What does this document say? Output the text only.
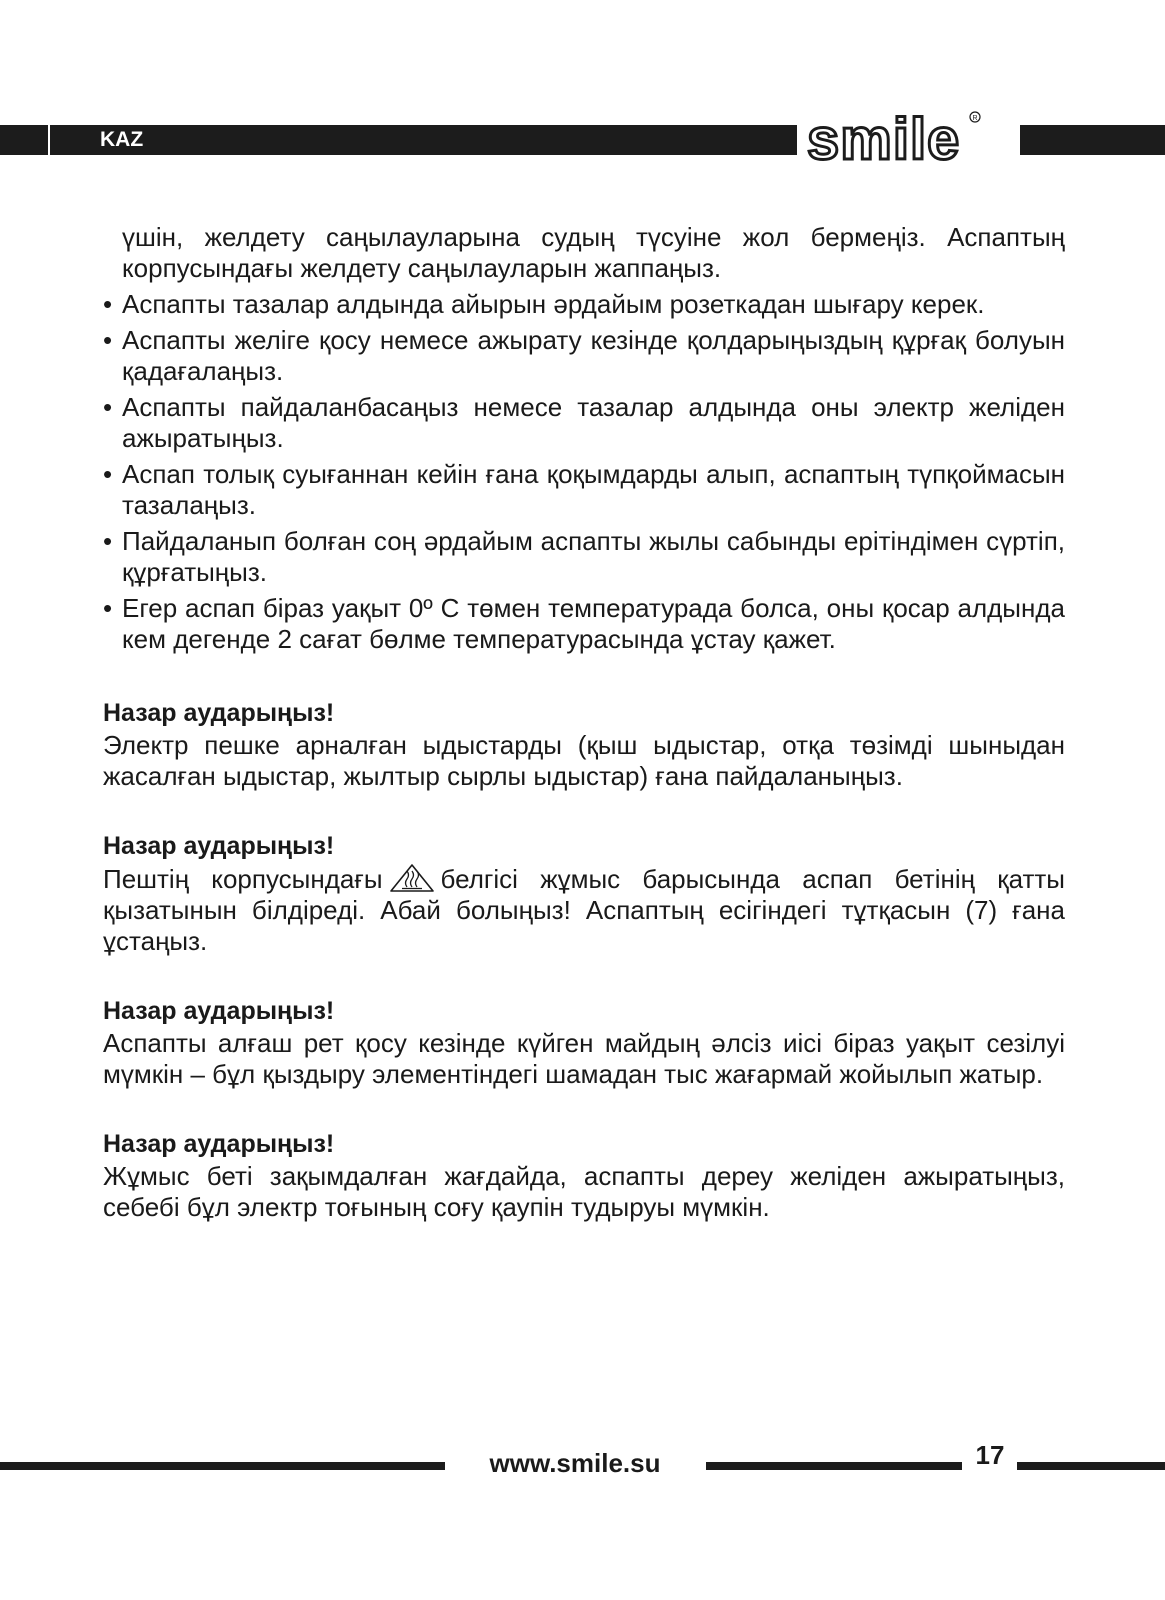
KAZ	smile R

үшін, желдету саңылауларына судың түсуіне жол бермеңіз. Аспаптың корпусындағы желдету саңылауларын жаппаңыз.

• Аспапты тазалар алдында айырын әрдайым розеткадан шығару керек.
• Аспапты желіге қосу немесе ажырату кезінде қолдарыңыздың құрғақ болуын қадағалаңыз.
• Аспапты пайдаланбасаңыз немесе тазалар алдында оны электр желіден ажыратыңыз.
• Аспап толық суығаннан кейін ғана қоқымдарды алып, аспаптың түпқоймасын тазалаңыз.
• Пайдаланып болған соң әрдайым аспапты жылы сабынды ерітіндімен сүртіп, құрғатыңыз.
• Егер аспап біраз уақыт 0º С төмен температурада болса, оны қосар алдында кем дегенде 2 сағат бөлме температурасында ұстау қажет.
Назар аударыңыз!
Электр пешке арналған ыдыстарды (қыш ыдыстар, отқа төзімді шыныдан жасалған ыдыстар, жылтыр сырлы ыдыстар) ғана пайдаланыңыз.
Назар аударыңыз!
Пештің корпусындағы белгісі жұмыс барысында аспап бетінің қатты қызатынын білдіреді. Абай болыңыз! Аспаптың есігіндегі тұтқасын (7) ғана ұстаңыз.
Назар аударыңыз!
Аспапты алғаш рет қосу кезінде күйген майдың әлсіз иісі біраз уақыт сезілуі мүмкін – бұл қыздыру элементіндегі шамадан тыс жағармай жойылып жатыр.
Назар аударыңыз!
Жұмыс беті зақымдалған жағдайда, аспапты дереу желіден ажыратыңыз, себебі бұл электр тоғының соғу қаупін тудыруы мүмкін.
www.smile.su	17
